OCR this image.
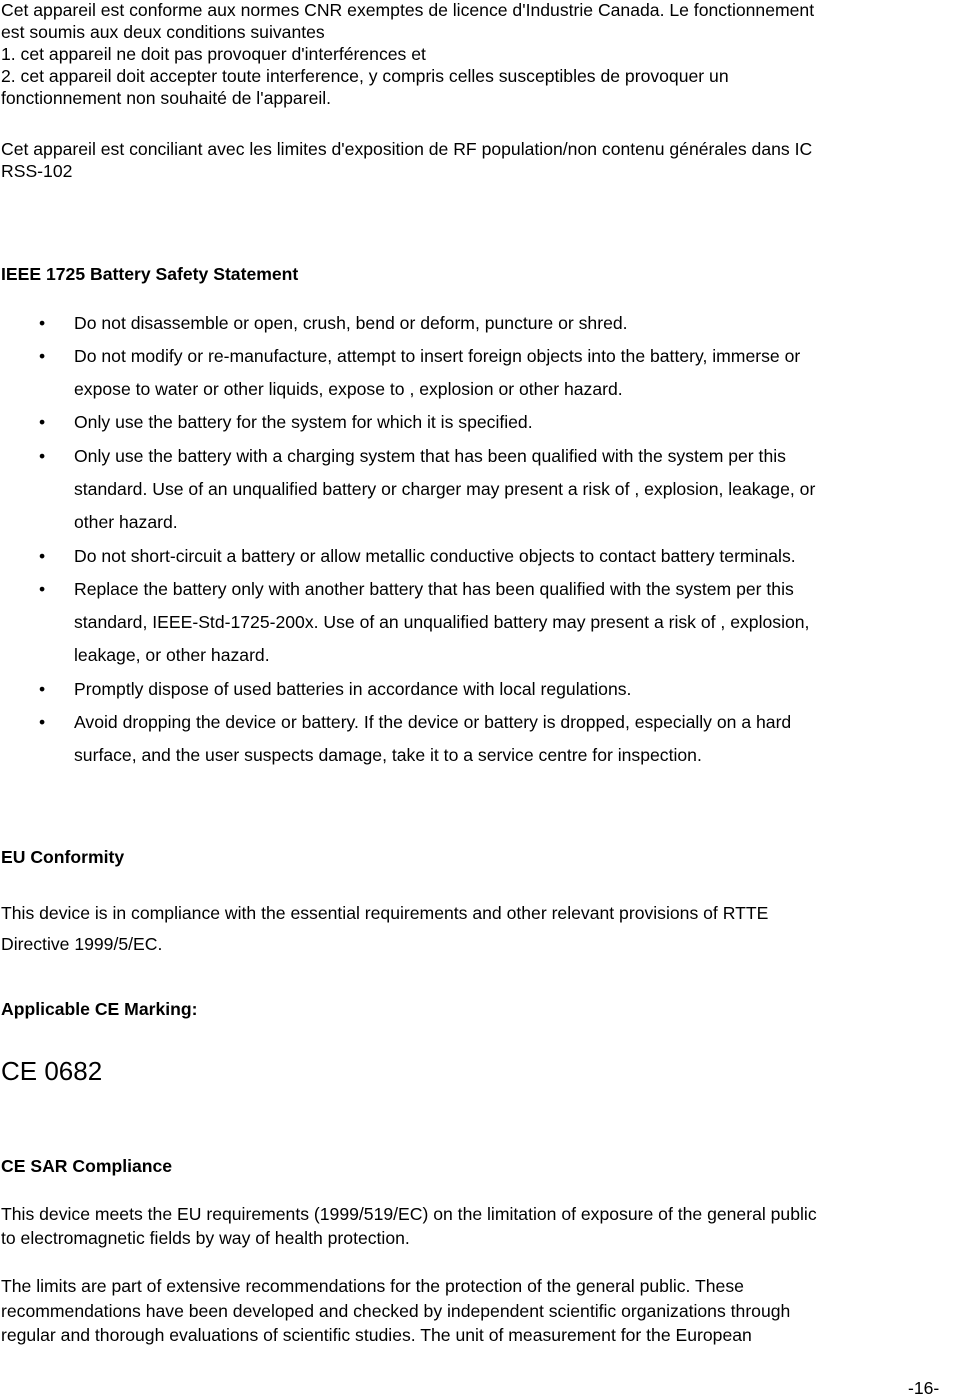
Cet appareil est conforme aux normes CNR exemptes de licence d'Industrie Canada. Le fonctionnement

est soumis aux deux conditions suivantes

1. cet appareil ne doit pas provoquer d'interférences et

2. cet appareil doit accepter toute interference, y compris celles susceptibles de provoquer un

fonctionnement non souhaité de l'appareil.

Cet appareil est conciliant avec les limites d'exposition de RF population/non contenu générales dans IC

RSS-102

IEEE 1725 Battery Safety Statement

• Do not disassemble or open, crush, bend or deform, puncture or shred.
• Do not modify or re-manufacture, attempt to insert foreign objects into the battery, immerse or
expose to water or other liquids, expose to , explosion or other hazard.
• Only use the battery for the system for which it is specified.
• Only use the battery with a charging system that has been qualified with the system per this
standard. Use of an unqualified battery or charger may present a risk of , explosion, leakage, or
other hazard.
• Do not short-circuit a battery or allow metallic conductive objects to contact battery terminals.
• Replace the battery only with another battery that has been qualified with the system per this
standard, IEEE-Std-1725-200x. Use of an unqualified battery may present a risk of , explosion,
leakage, or other hazard.
• Promptly dispose of used batteries in accordance with local regulations.
• Avoid dropping the device or battery. If the device or battery is dropped, especially on a hard
surface, and the user suspects damage, take it to a service centre for inspection.

EU Conformity

This device is in compliance with the essential requirements and other relevant provisions of RTTE

Directive 1999/5/EC.

Applicable CE Marking:

CE 0682

CE SAR Compliance

This device meets the EU requirements (1999/519/EC) on the limitation of exposure of the general public

to electromagnetic fields by way of health protection.

The limits are part of extensive recommendations for the protection of the general public. These

recommendations have been developed and checked by independent scientific organizations through

regular and thorough evaluations of scientific studies. The unit of measurement for the European

-16-
